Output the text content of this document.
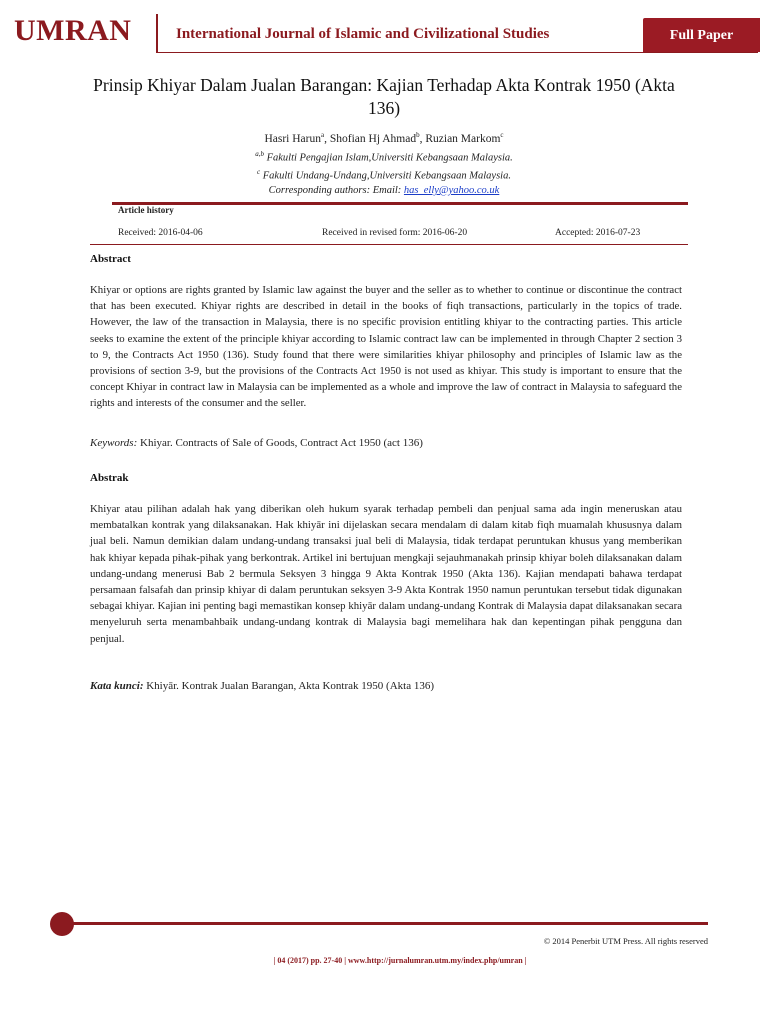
UMRAN	International Journal of Islamic and Civilizational Studies	Full Paper
Prinsip Khiyar Dalam Jualan Barangan: Kajian Terhadap Akta Kontrak 1950 (Akta 136)
Hasri Harun$^a$, Shofian Hj Ahmad$^b$, Ruzian Markom$^c$
$^{a,b}$ Fakulti Pengajian Islam,Universiti Kebangsaan Malaysia.
$^c$ Fakulti Undang-Undang,Universiti Kebangsaan Malaysia.
Corresponding authors: Email: has_elly@yahoo.co.uk
Article history
Received: 2016-04-06	Received in revised form: 2016-06-20	Accepted: 2016-07-23
Abstract
Khiyar or options are rights granted by Islamic law against the buyer and the seller as to whether to continue or discontinue the contract that has been executed. Khiyar rights are described in detail in the books of fiqh transactions, particularly in the topics of trade. However, the law of the transaction in Malaysia, there is no specific provision entitling khiyar to the contracting parties. This article seeks to examine the extent of the principle khiyar according to Islamic contract law can be implemented in through Chapter 2 section 3 to 9, the Contracts Act 1950 (136). Study found that there were similarities khiyar philosophy and principles of Islamic law as the provisions of section 3-9, but the provisions of the Contracts Act 1950 is not used as khiyar. This study is important to ensure that the concept Khiyar in contract law in Malaysia can be implemented as a whole and improve the law of contract in Malaysia to safeguard the rights and interests of the consumer and the seller.
Keywords: Khiyar. Contracts of Sale of Goods, Contract Act 1950 (act 136)
Abstrak
Khiyar atau pilihan adalah hak yang diberikan oleh hukum syarak terhadap pembeli dan penjual sama ada ingin meneruskan atau membatalkan kontrak yang dilaksanakan. Hak khiyār ini dijelaskan secara mendalam di dalam kitab fiqh muamalah khususnya dalam jual beli. Namun demikian dalam undang-undang transaksi jual beli di Malaysia, tidak terdapat peruntukan khusus yang memberikan hak khiyar kepada pihak-pihak yang berkontrak. Artikel ini bertujuan mengkaji sejauhmanakah prinsip khiyar boleh dilaksanakan dalam undang-undang menerusi Bab 2 bermula Seksyen 3 hingga 9 Akta Kontrak 1950 (Akta 136). Kajian mendapati bahawa terdapat persamaan falsafah dan prinsip khiyar di dalam peruntukan seksyen 3-9 Akta Kontrak 1950 namun peruntukan tersebut tidak digunakan sebagai khiyar. Kajian ini penting bagi memastikan konsep khiyār dalam undang-undang Kontrak di Malaysia dapat dilaksanakan secara menyeluruh serta menambahbaik undang-undang kontrak di Malaysia bagi memelihara hak dan kepentingan pihak pengguna dan penjual.
Kata kunci: Khiyār. Kontrak Jualan Barangan, Akta Kontrak 1950 (Akta 136)
© 2014 Penerbit UTM Press. All rights reserved
| 04 (2017) pp. 27-40 | www.http://jurnalumran.utm.my/index.php/umran |
